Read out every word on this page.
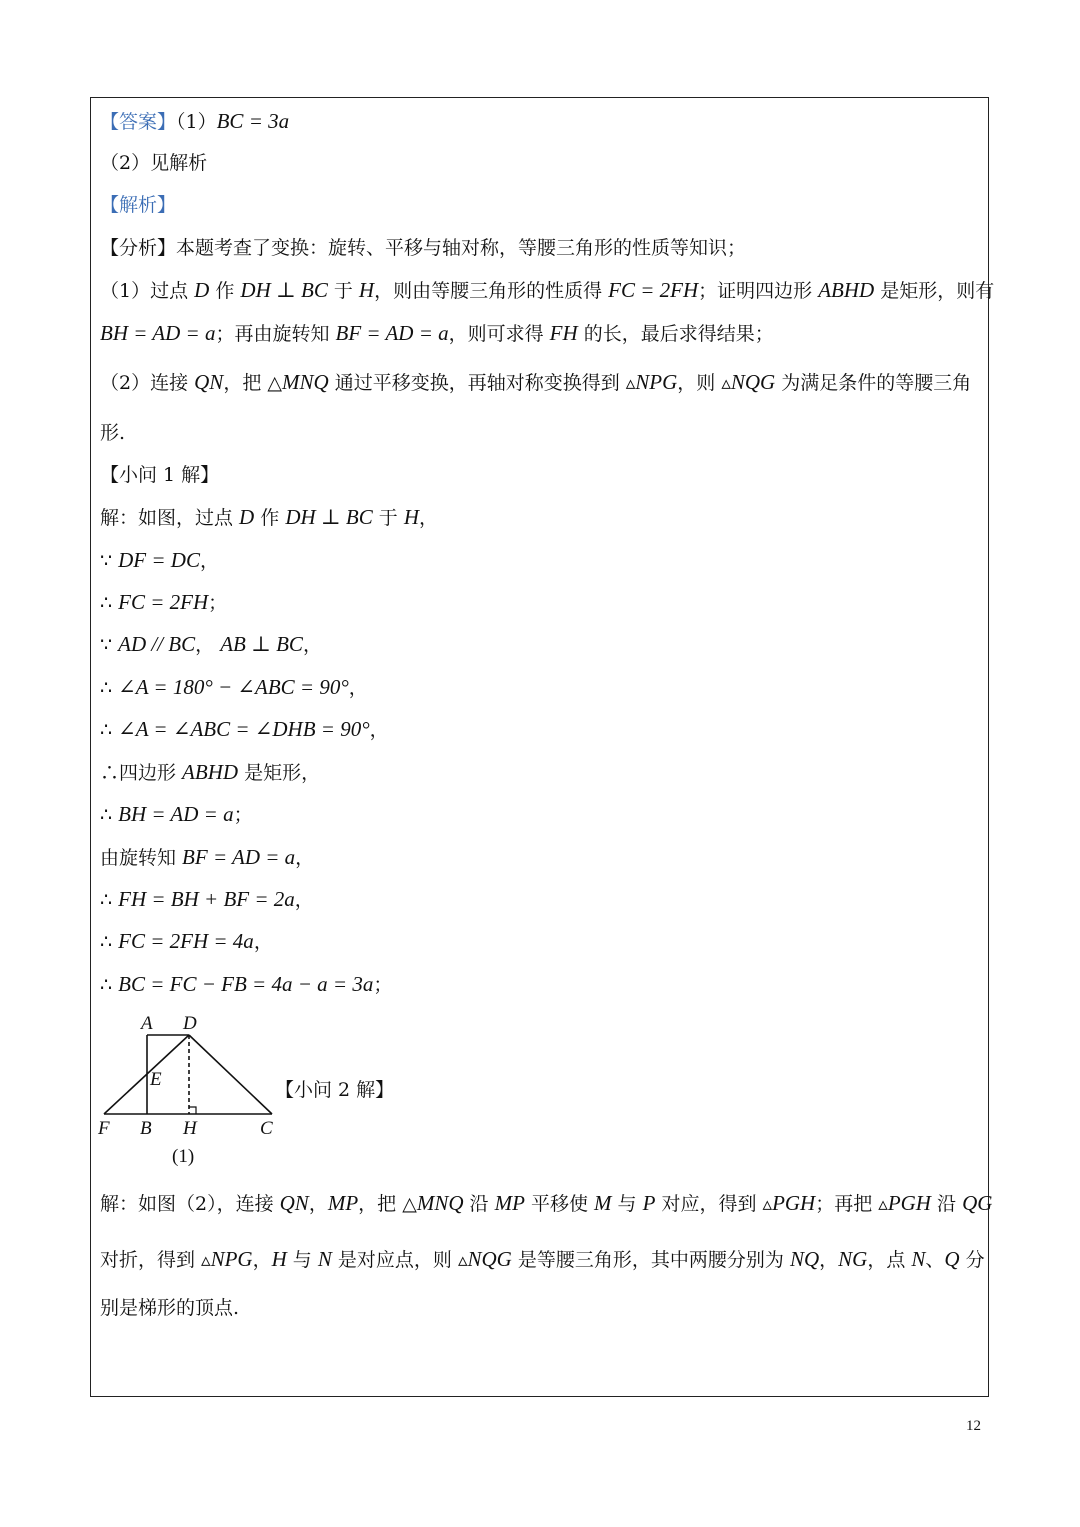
【答案】（1）BC = 3a
（2）见解析
【解析】
【分析】本题考查了变换：旋转、平移与轴对称，等腰三角形的性质等知识；
（1）过点 D 作 DH ⊥ BC 于 H，则由等腰三角形的性质得 FC = 2FH；证明四边形 ABHD 是矩形，则有
BH = AD = a；再由旋转知 BF = AD = a，则可求得 FH 的长，最后求得结果；
（2）连接 QN，把 △MNQ 通过平移变换，再轴对称变换得到 ▵NPG，则 ▵NQG 为满足条件的等腰三角
形.
【小问 1 解】
解：如图，过点 D 作 DH ⊥ BC 于 H，
∵ DF = DC，
∴ FC = 2FH；
∵ AD // BC， AB ⊥ BC，
∴ ∠A = 180° − ∠ABC = 90°，
∴ ∠A = ∠ABC = ∠DHB = 90°，
∴四边形 ABHD 是矩形，
∴ BH = AD = a；
由旋转知 BF = AD = a，
∴ FH = BH + BF = 2a，
∴ FC = 2FH = 4a，
∴ BC = FC − FB = 4a − a = 3a；
A D
E
F B H	C
(1)
【小问 2 解】
解：如图（2），连接 QN，MP，把 △MNQ 沿 MP 平移使 M 与 P 对应，得到 ▵PGH；再把 ▵PGH 沿 QG
对折，得到 ▵NPG，H 与 N 是对应点，则 ▵NQG 是等腰三角形，其中两腰分别为 NQ，NG，点 N、Q 分
别是梯形的顶点.
12
